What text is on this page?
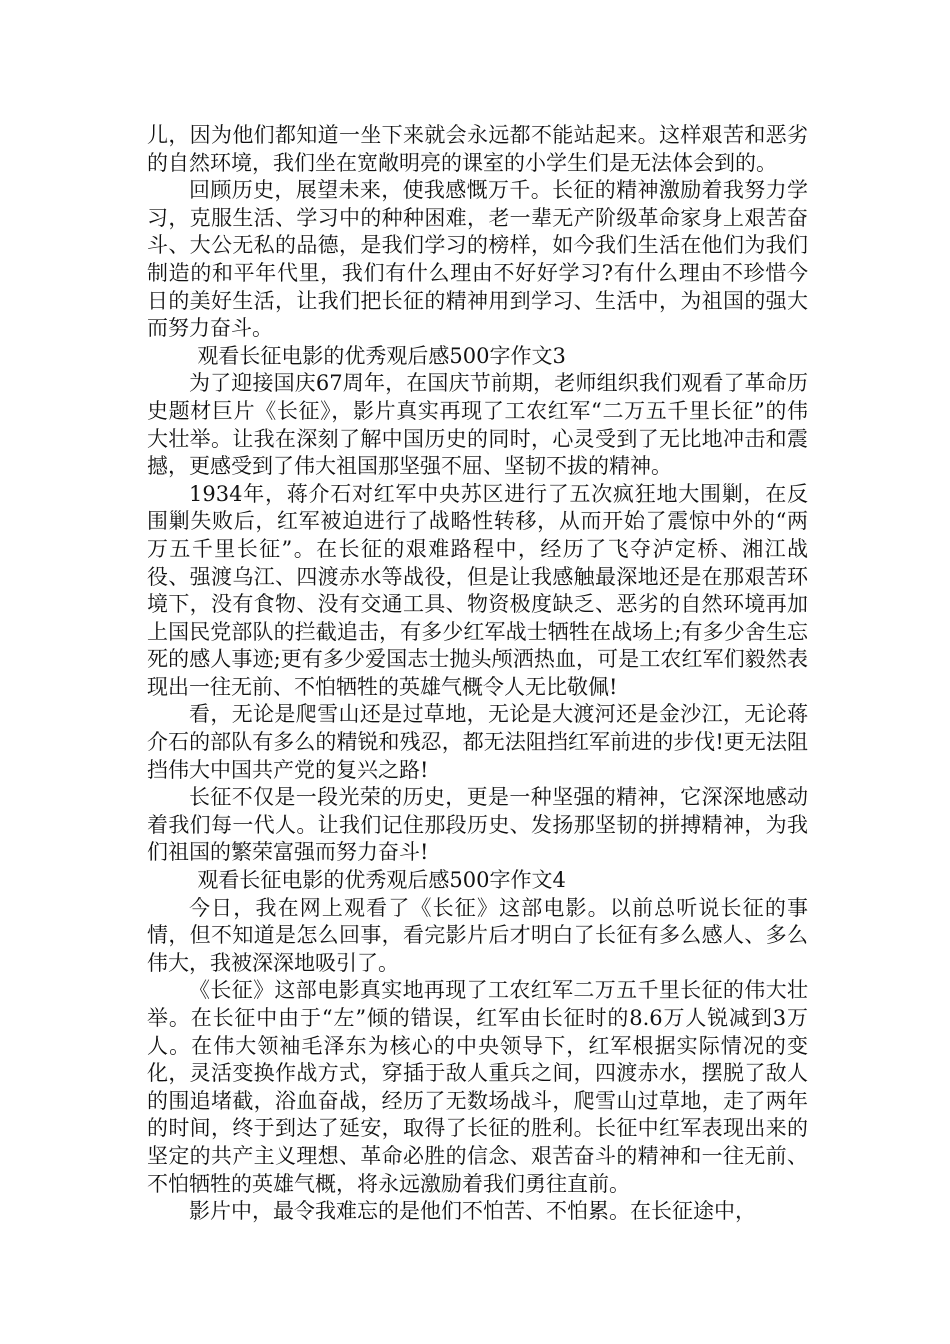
儿，因为他们都知道一坐下来就会永远都不能站起来。这样艰苦和恶劣的自然环境，我们坐在宽敞明亮的课室的小学生们是无法体会到的。

回顾历史，展望未来，使我感慨万千。长征的精神激励着我努力学习，克服生活、学习中的种种困难，老一辈无产阶级革命家身上艰苦奋斗、大公无私的品德，是我们学习的榜样，如今我们生活在他们为我们制造的和平年代里，我们有什么理由不好好学习?有什么理由不珍惜今日的美好生活，让我们把长征的精神用到学习、生活中，为祖国的强大而努力奋斗。

观看长征电影的优秀观后感500字作文3

为了迎接国庆67周年，在国庆节前期，老师组织我们观看了革命历史题材巨片《长征》，影片真实再现了工农红军“二万五千里长征”的伟大壮举。让我在深刻了解中国历史的同时，心灵受到了无比地冲击和震撼，更感受到了伟大祖国那坚强不屈、坚韧不拔的精神。

1934年，蒋介石对红军中央苏区进行了五次疯狂地大围剿，在反围剿失败后，红军被迫进行了战略性转移，从而开始了震惊中外的“两万五千里长征”。在长征的艰难路程中，经历了飞夺泸定桥、湘江战役、强渡乌江、四渡赤水等战役，但是让我感触最深地还是在那艰苦环境下，没有食物、没有交通工具、物资极度缺乏、恶劣的自然环境再加上国民党部队的拦截追击，有多少红军战士牺牲在战场上;有多少舍生忘死的感人事迹;更有多少爱国志士抛头颅洒热血，可是工农红军们毅然表现出一往无前、不怕牺牲的英雄气概令人无比敬佩!

看，无论是爬雪山还是过草地，无论是大渡河还是金沙江，无论蒋介石的部队有多么的精锐和残忍，都无法阻挡红军前进的步伐!更无法阻挡伟大中国共产党的复兴之路!

长征不仅是一段光荣的历史，更是一种坚强的精神，它深深地感动着我们每一代人。让我们记住那段历史、发扬那坚韧的拼搏精神，为我们祖国的繁荣富强而努力奋斗!

观看长征电影的优秀观后感500字作文4

今日，我在网上观看了《长征》这部电影。以前总听说长征的事情，但不知道是怎么回事，看完影片后才明白了长征有多么感人、多么伟大，我被深深地吸引了。

《长征》这部电影真实地再现了工农红军二万五千里长征的伟大壮举。在长征中由于“左”倾的错误，红军由长征时的8.6万人锐减到3万人。在伟大领袖毛泽东为核心的中央领导下，红军根据实际情况的变化，灵活变换作战方式，穿插于敌人重兵之间，四渡赤水，摆脱了敌人的围追堵截，浴血奋战，经历了无数场战斗，爬雪山过草地，走了两年的时间，终于到达了延安，取得了长征的胜利。长征中红军表现出来的坚定的共产主义理想、革命必胜的信念、艰苦奋斗的精神和一往无前、不怕牺牲的英雄气概，将永远激励着我们勇往直前。

影片中，最令我难忘的是他们不怕苦、不怕累。在长征途中，
